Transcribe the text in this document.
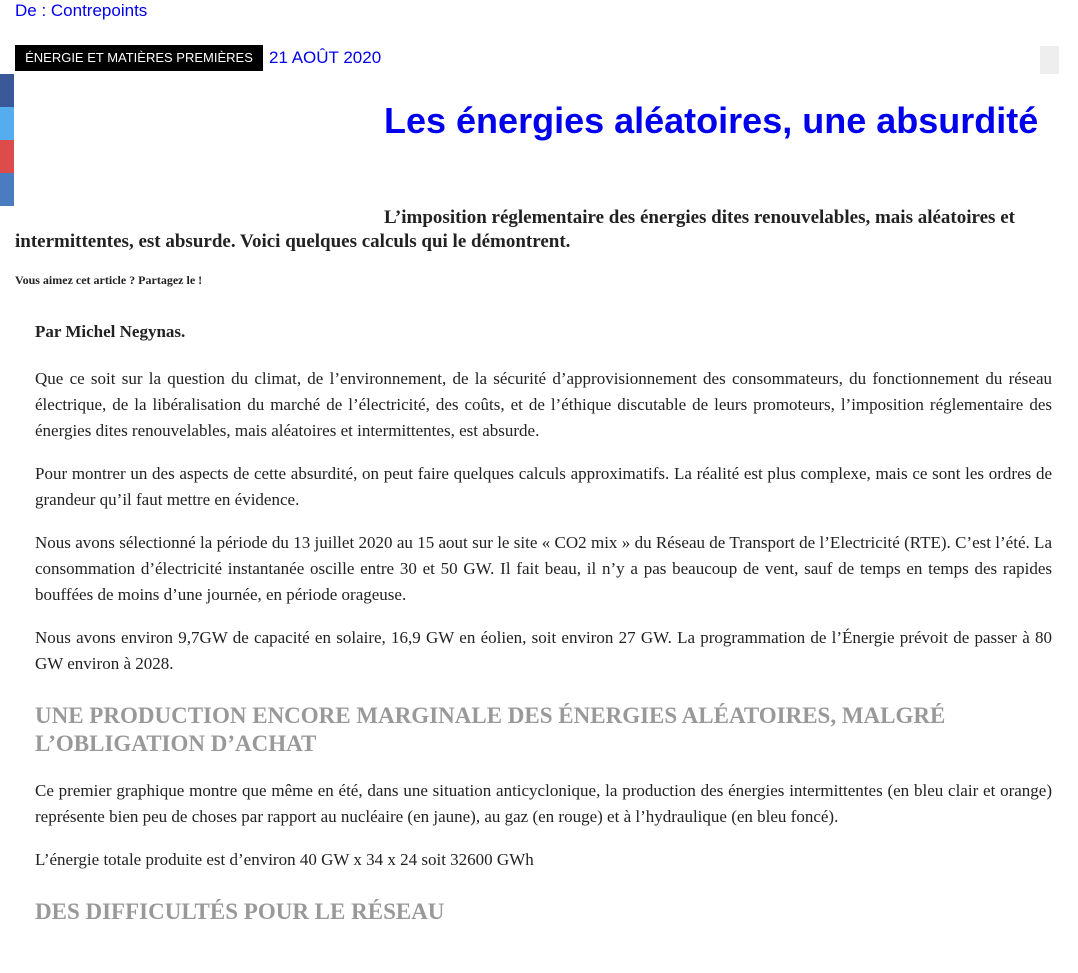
De : Contrepoints
ÉNERGIE ET MATIÈRES PREMIÈRES 21 AOÛT 2020
Les énergies aléatoires, une absurdité

L’imposition réglementaire des énergies dites renouvelables, mais aléatoires et intermittentes, est absurde. Voici quelques calculs qui le démontrent.

Vous aimez cet article ? Partagez le !

Par Michel Negynas.

Que ce soit sur la question du climat, de l’environnement, de la sécurité d’approvisionnement des consommateurs, du fonctionnement du réseau électrique, de la libéralisation du marché de l’électricité, des coûts, et de l’éthique discutable de leurs promoteurs, l’imposition réglementaire des énergies dites renouvelables, mais aléatoires et intermittentes, est absurde.

Pour montrer un des aspects de cette absurdité, on peut faire quelques calculs approximatifs. La réalité est plus complexe, mais ce sont les ordres de grandeur qu’il faut mettre en évidence.

Nous avons sélectionné la période du 13 juillet 2020 au 15 aout sur le site « CO2 mix » du Réseau de Transport de l’Electricité (RTE). C’est l’été. La consommation d’électricité instantanée oscille entre 30 et 50 GW. Il fait beau, il n’y a pas beaucoup de vent, sauf de temps en temps des rapides bouffées de moins d’une journée, en période orageuse.

Nous avons environ 9,7GW de capacité en solaire, 16,9 GW en éolien, soit environ 27 GW. La programmation de l’Énergie prévoit de passer à 80 GW environ à 2028.

UNE PRODUCTION ENCORE MARGINALE DES ÉNERGIES ALÉATOIRES, MALGRÉ L’OBLIGATION D’ACHAT

Ce premier graphique montre que même en été, dans une situation anticyclonique, la production des énergies intermittentes (en bleu clair et orange) représente bien peu de choses par rapport au nucléaire (en jaune), au gaz (en rouge) et à l’hydraulique (en bleu foncé).

L’énergie totale produite est d’environ 40 GW x 34 x 24 soit 32600 GWh

DES DIFFICULTÉS POUR LE RÉSEAU
